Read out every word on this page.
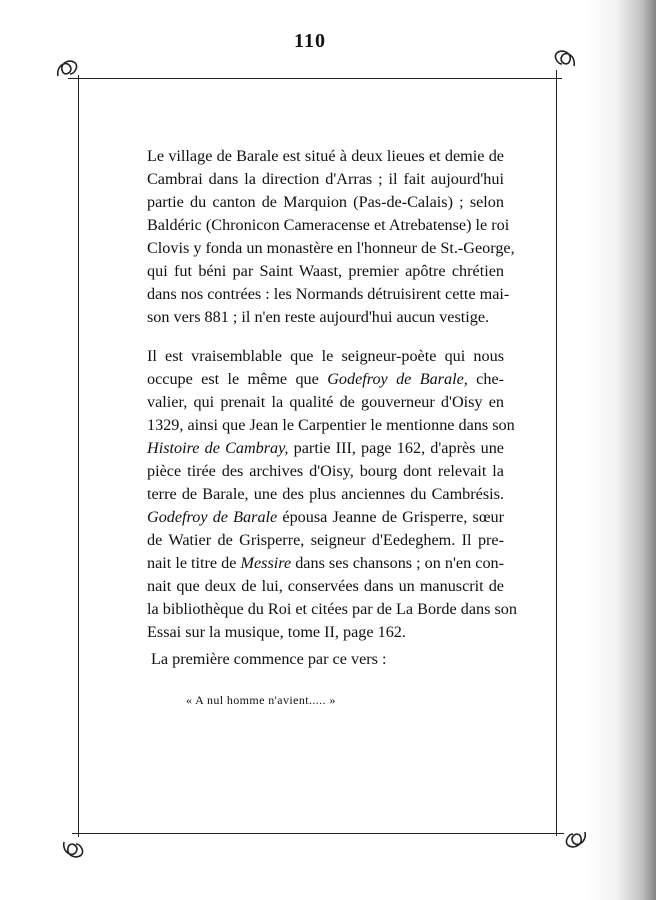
110
Le village de Barale est situé à deux lieues et demie de
Cambrai dans la direction d'Arras ; il fait aujourd'hui
partie du canton de Marquion (Pas-de-Calais) ; selon
Baldéric (Chronicon Cameracense et Atrebatense) le roi
Clovis y fonda un monastère en l'honneur de St.-George,
qui fut béni par Saint Waast, premier apôtre chrétien
dans nos contrées : les Normands détruisirent cette mai-
son vers 881 ; il n'en reste aujourd'hui aucun vestige.
Il est vraisemblable que le seigneur-poète qui nous
occupe est le même que Godefroy de Barale, che-
valier, qui prenait la qualité de gouverneur d'Oisy en
1329, ainsi que Jean le Carpentier le mentionne dans son
Histoire de Cambray, partie III, page 162, d'après une
pièce tirée des archives d'Oisy, bourg dont relevait la
terre de Barale, une des plus anciennes du Cambrésis.
Godefroy de Barale épousa Jeanne de Grisperre, sœur
de Watier de Grisperre, seigneur d'Eedeghem. Il pre-
nait le titre de Messire dans ses chansons ; on n'en con-
nait que deux de lui, conservées dans un manuscrit de
la bibliothèque du Roi et citées par de La Borde dans son
Essai sur la musique, tome II, page 162.
La première commence par ce vers :
« A nul homme n'avient..... »
